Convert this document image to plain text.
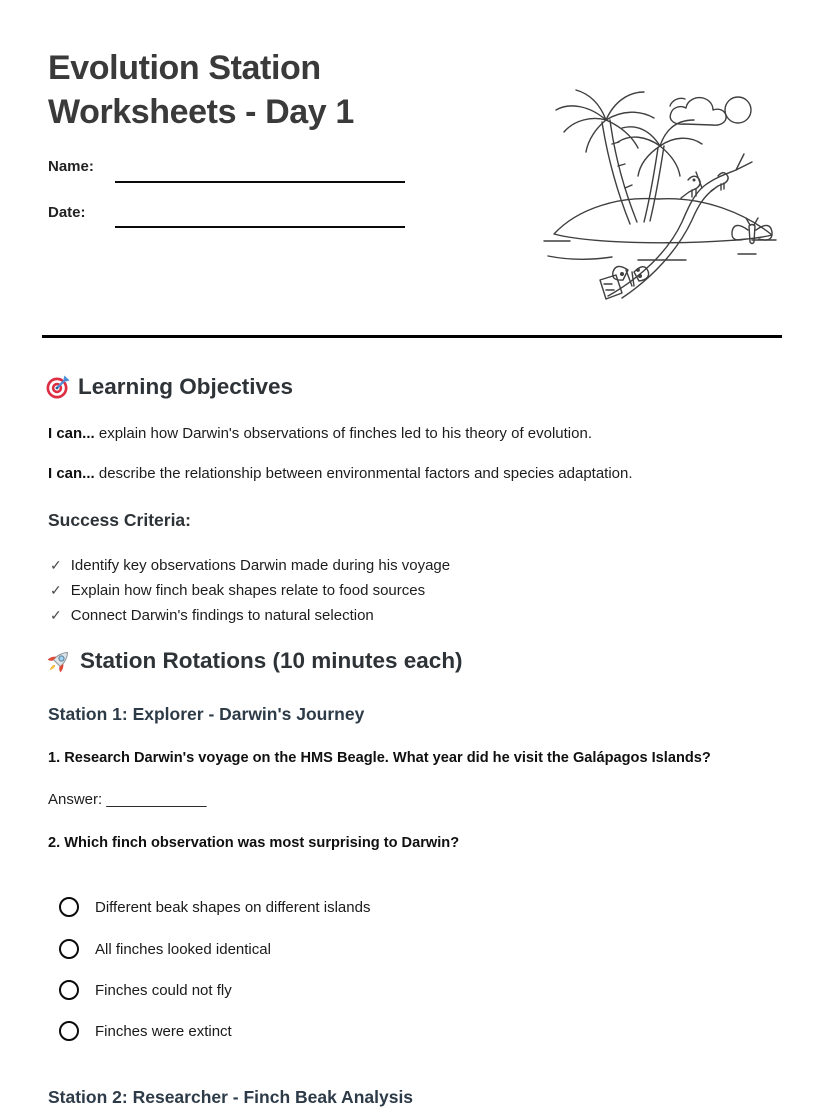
Evolution Station
Worksheets - Day 1
Name:
Date:
Learning Objectives
I can... explain how Darwin's observations of finches led to his theory of evolution.
I can... describe the relationship between environmental factors and species adaptation.
Success Criteria:
✓ Identify key observations Darwin made during his voyage
✓ Explain how finch beak shapes relate to food sources
✓ Connect Darwin's findings to natural selection
Station Rotations (10 minutes each)
Station 1: Explorer - Darwin's Journey
1. Research Darwin's voyage on the HMS Beagle. What year did he visit the Galápagos Islands?
Answer: ____________
2. Which finch observation was most surprising to Darwin?
Different beak shapes on different islands
All finches looked identical
Finches could not fly
Finches were extinct
Station 2: Researcher - Finch Beak Analysis
